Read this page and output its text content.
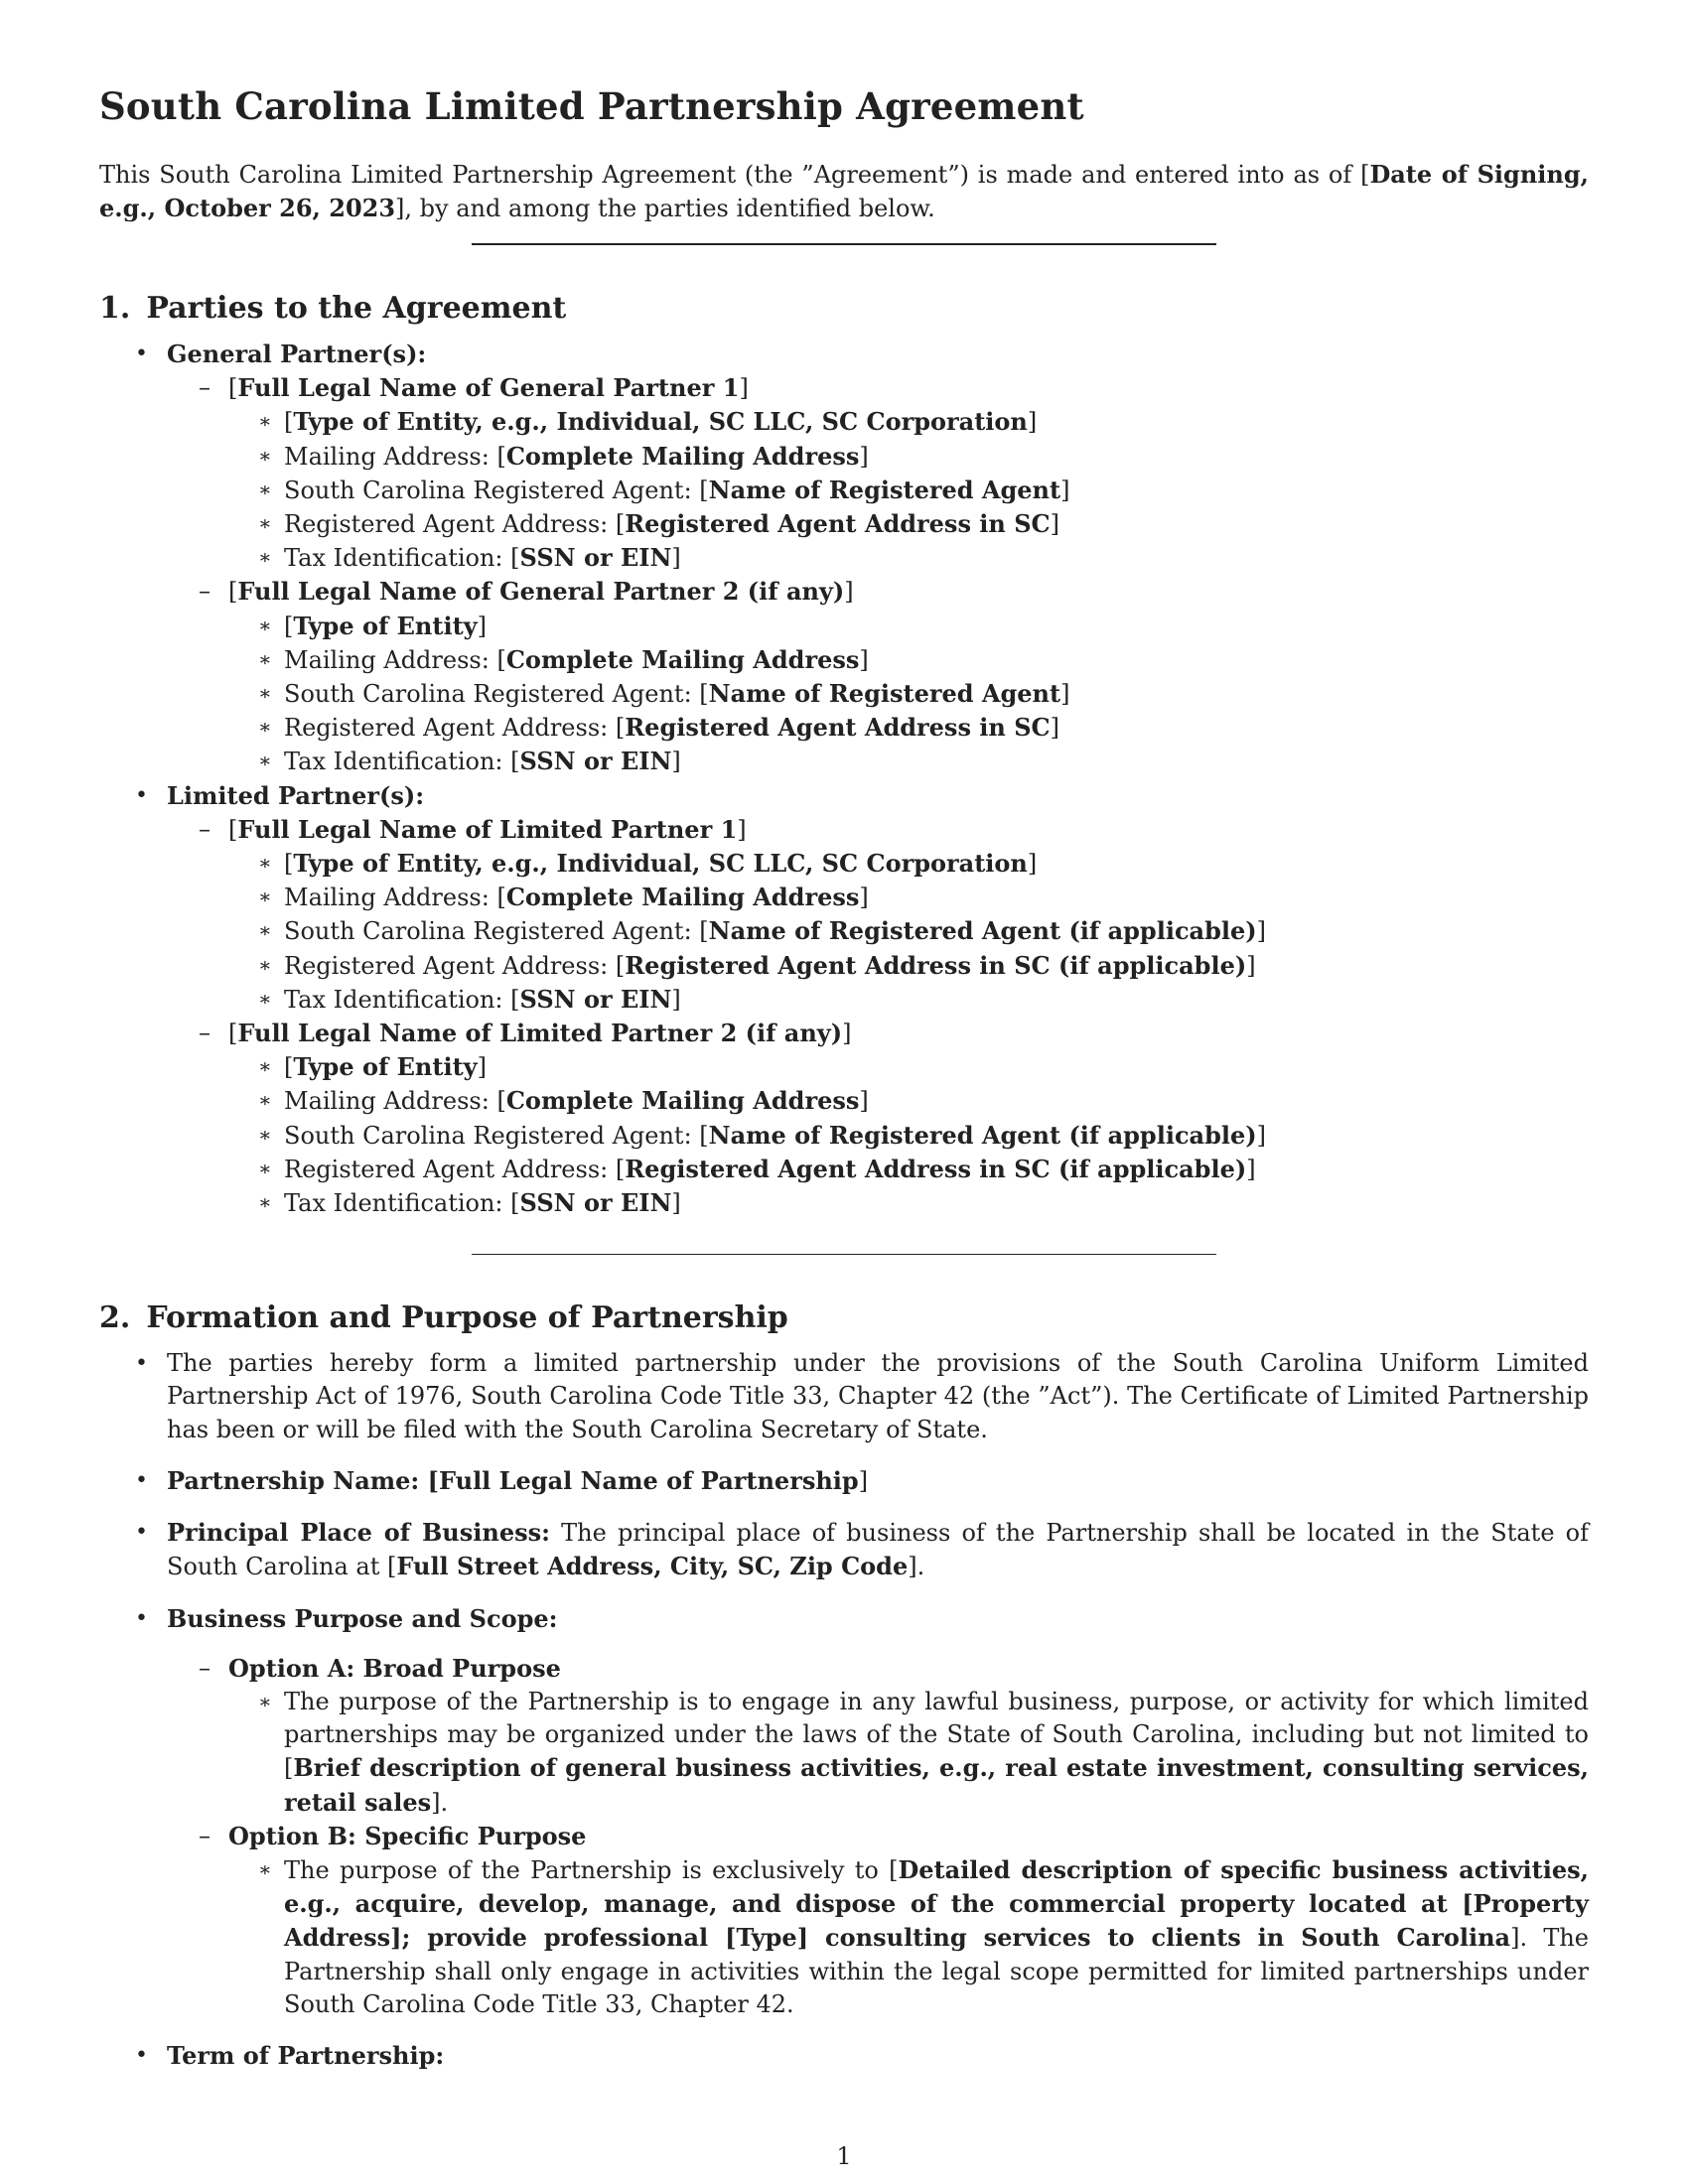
South Carolina Limited Partnership Agreement

This South Carolina Limited Partnership Agreement (the ”Agreement”) is made and entered into as of [Date of Signing, e.g., October 26, 2023], by and among the parties identified below.

1. Parties to the Agreement
• General Partner(s):
– [Full Legal Name of General Partner 1]
∗ [Type of Entity, e.g., Individual, SC LLC, SC Corporation]
∗ Mailing Address: [Complete Mailing Address]
∗ South Carolina Registered Agent: [Name of Registered Agent]
∗ Registered Agent Address: [Registered Agent Address in SC]
∗ Tax Identification: [SSN or EIN]
– [Full Legal Name of General Partner 2 (if any)]
∗ [Type of Entity]
∗ Mailing Address: [Complete Mailing Address]
∗ South Carolina Registered Agent: [Name of Registered Agent]
∗ Registered Agent Address: [Registered Agent Address in SC]
∗ Tax Identification: [SSN or EIN]
• Limited Partner(s):
– [Full Legal Name of Limited Partner 1]
∗ [Type of Entity, e.g., Individual, SC LLC, SC Corporation]
∗ Mailing Address: [Complete Mailing Address]
∗ South Carolina Registered Agent: [Name of Registered Agent (if applicable)]
∗ Registered Agent Address: [Registered Agent Address in SC (if applicable)]
∗ Tax Identification: [SSN or EIN]
– [Full Legal Name of Limited Partner 2 (if any)]
∗ [Type of Entity]
∗ Mailing Address: [Complete Mailing Address]
∗ South Carolina Registered Agent: [Name of Registered Agent (if applicable)]
∗ Registered Agent Address: [Registered Agent Address in SC (if applicable)]
∗ Tax Identification: [SSN or EIN]
2. Formation and Purpose of Partnership
• The parties hereby form a limited partnership under the provisions of the South Carolina Uniform Limited Partnership Act of 1976, South Carolina Code Title 33, Chapter 42 (the ”Act”). The Certificate of Limited Partnership has been or will be filed with the South Carolina Secretary of State.
• Partnership Name: [Full Legal Name of Partnership]
• Principal Place of Business: The principal place of business of the Partnership shall be located in the State of South Carolina at [Full Street Address, City, SC, Zip Code].
• Business Purpose and Scope:
– Option A: Broad Purpose
∗ The purpose of the Partnership is to engage in any lawful business, purpose, or activity for which limited partnerships may be organized under the laws of the State of South Carolina, including but not limited to [Brief description of general business activities, e.g., real estate investment, consulting services, retail sales].
– Option B: Specific Purpose
∗ The purpose of the Partnership is exclusively to [Detailed description of specific business activities, e.g., acquire, develop, manage, and dispose of the commercial property located at [Property Address]; provide professional [Type] consulting services to clients in South Carolina]. The Partnership shall only engage in activities within the legal scope permitted for limited partnerships under South Carolina Code Title 33, Chapter 42.
• Term of Partnership:
1
